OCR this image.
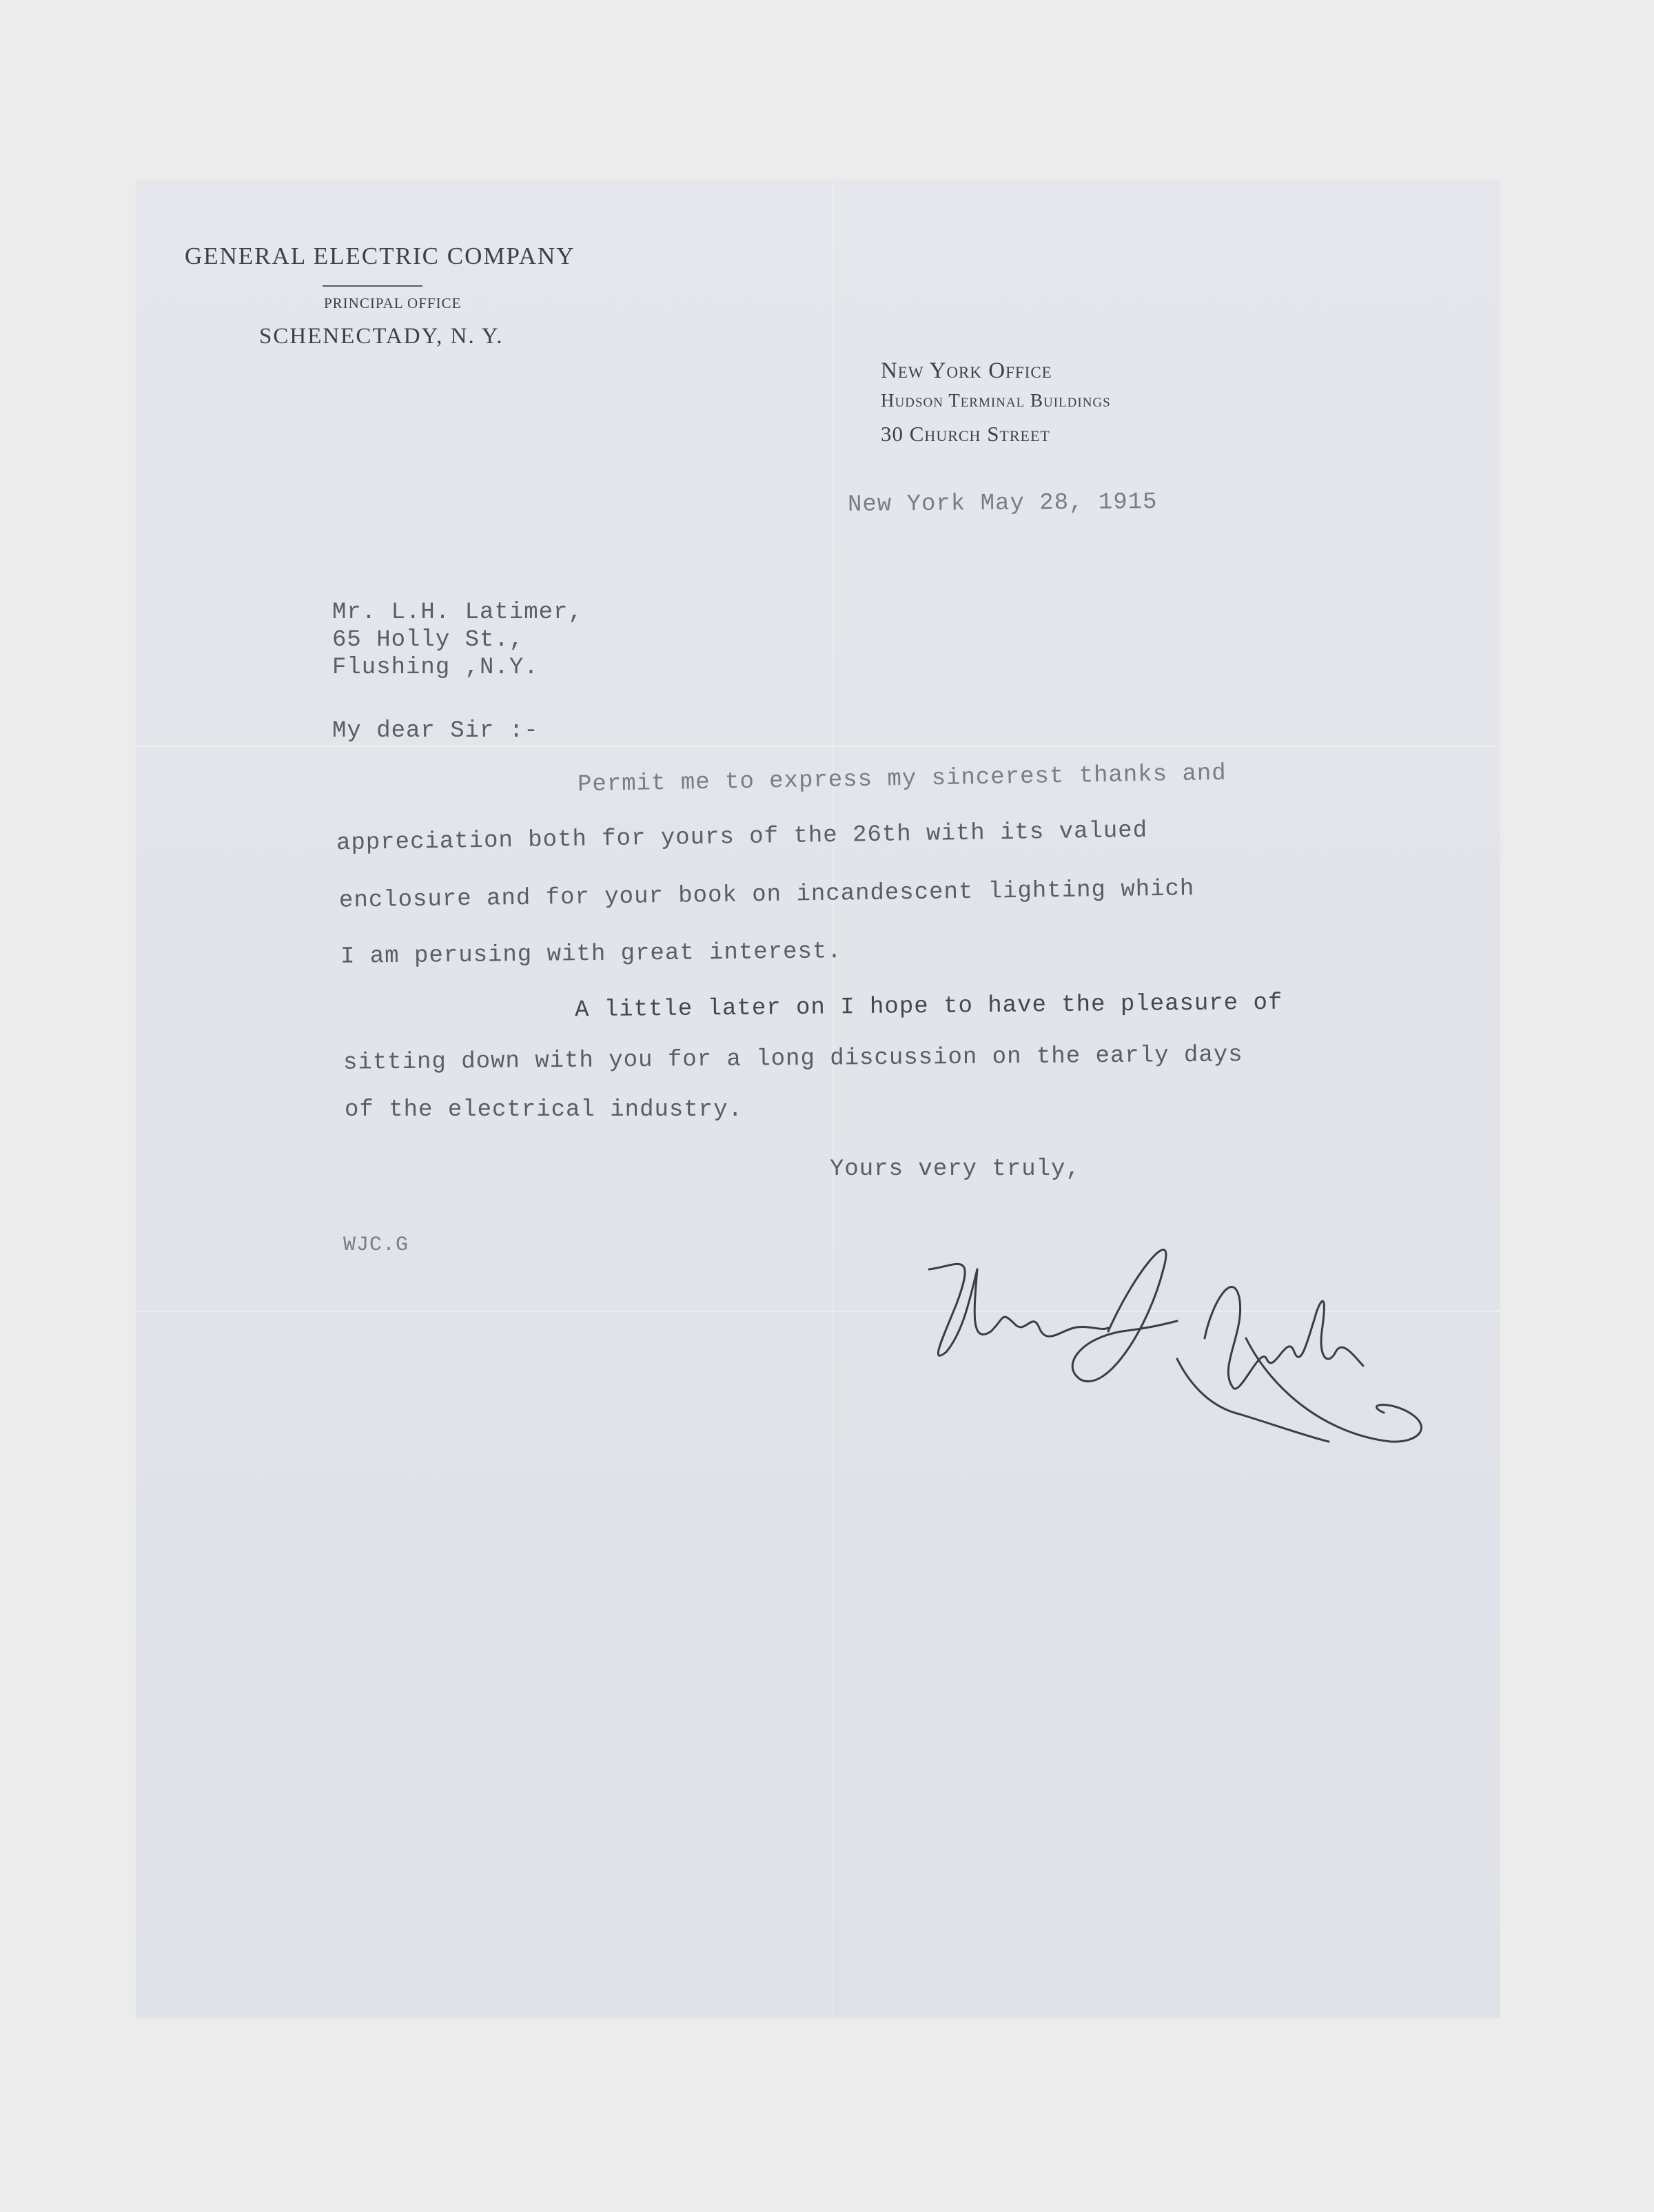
GENERAL ELECTRIC COMPANY
PRINCIPAL OFFICE
SCHENECTADY, N. Y.
New York Office
Hudson Terminal Buildings
30 Church Street
New York May 28, 1915
Mr. L.H. Latimer,
65 Holly St.,
Flushing ,N.Y.
My dear Sir :-
Permit me to express my sincerest thanks and
appreciation both for yours of the 26th with its valued
enclosure and for your book on incandescent lighting which
I am perusing with great interest.
A little later on I hope to have the pleasure of
sitting down with you for a long discussion on the early days
of the electrical industry.
Yours very truly,
WJC.G
